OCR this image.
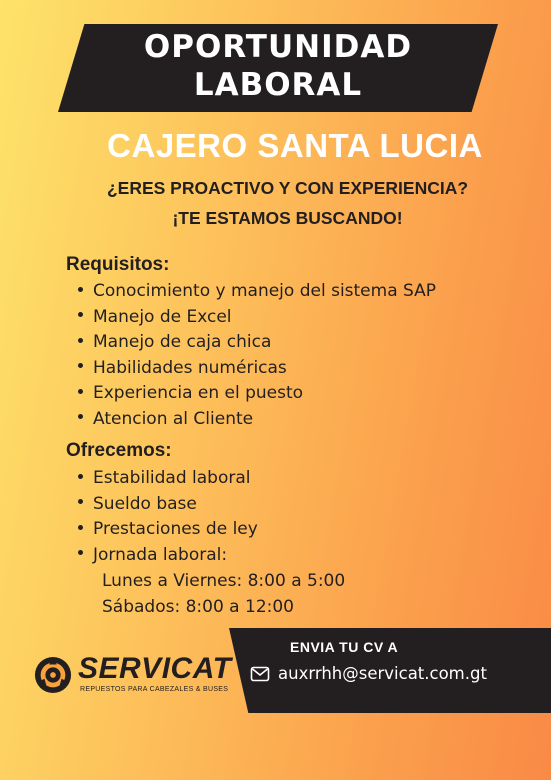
OPORTUNIDAD
LABORAL
CAJERO SANTA LUCIA
¿ERES PROACTIVO Y CON EXPERIENCIA?
¡TE ESTAMOS BUSCANDO!
Requisitos:
Conocimiento y manejo del sistema SAP
Manejo de Excel
Manejo de caja chica
Habilidades numéricas
Experiencia en el puesto
Atencion al Cliente
Ofrecemos:
Estabilidad laboral
Sueldo base
Prestaciones de ley
Jornada laboral:
Lunes a Viernes: 8:00 a 5:00
Sábados: 8:00 a 12:00
SERVICAT
REPUESTOS PARA CABEZALES & BUSES
ENVIA TU CV A
auxrrhh@servicat.com.gt
